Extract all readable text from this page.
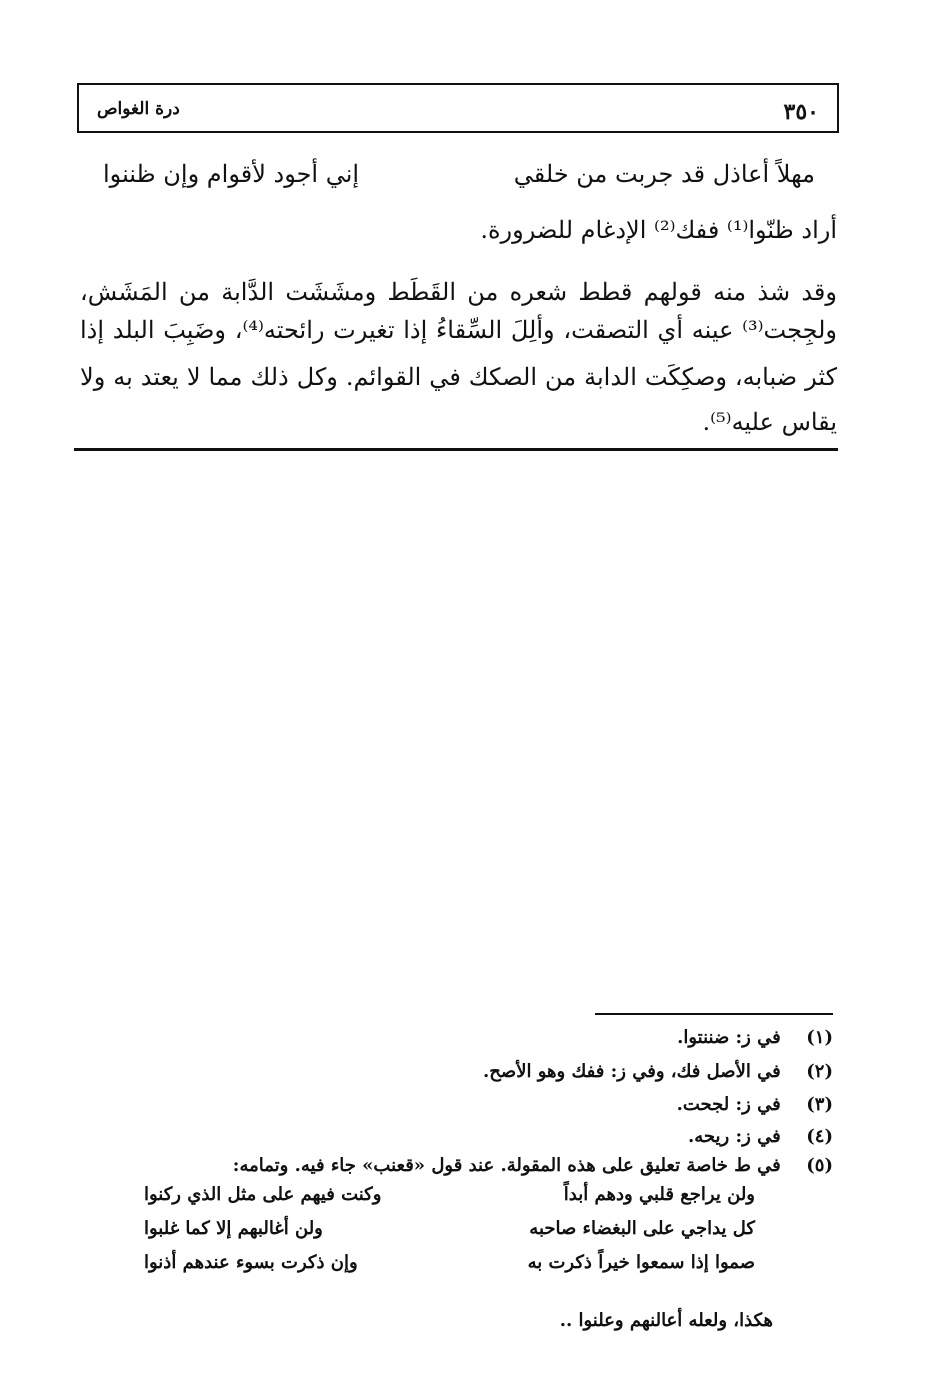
٣٥٠
درة الغواص
مهلاً أعاذل قد جربت من خلقي
إني أجود لأقوام وإن ظننوا
أراد ظنّوا⁽¹⁾ ففك⁽²⁾ الإدغام للضرورة.
وقد شذ منه قولهم قطط شعره من القَطَط ومشَشَت الدَّابة من المَشَش،
ولجِجت⁽³⁾ عينه أي التصقت، وألِلَ السِّقاءُ إذا تغيرت رائحته⁽⁴⁾، وضَبِبَ البلد إذا
كثر ضبابه، وصكِكَت الدابة من الصكك في القوائم. وكل ذلك مما لا يعتد به ولا
يقاس عليه⁽⁵⁾.
(١) في ز: ضننتوا.
(٢) في الأصل فك، وفي ز: ففك وهو الأصح.
(٣) في ز: لجحت.
(٤) في ز: ريحه.
(٥) في ط خاصة تعليق على هذه المقولة. عند قول «قعنب» جاء فيه. وتمامه:
ولن يراجع قلبي ودهم أبداً
وكنت فيهم على مثل الذي ركنوا
كل يداجي على البغضاء صاحبه
ولن أغالبهم إلا كما غلبوا
صموا إذا سمعوا خيراً ذكرت به
وإن ذكرت بسوء عندهم أذنوا
هكذا، ولعله أعالنهم وعلنوا ..
